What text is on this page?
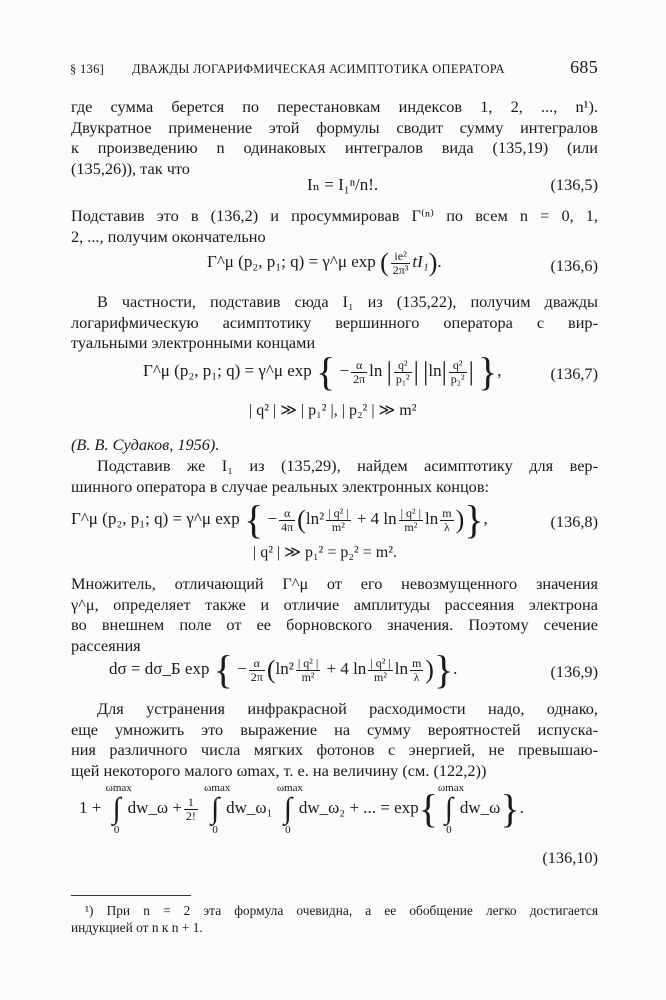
§ 136] ДВАЖДЫ ЛОГАРИФМИЧЕСКАЯ АСИМПТОТИКА ОПЕРАТОРА	685
где сумма берется по перестановкам индексов 1, 2, ..., n¹).
Двукратное применение этой формулы сводит сумму интегралов
к произведению n одинаковых интегралов вида (135,19) (или
(135,26)), так что
Iₙ = I₁ⁿ/n!.	(136,5)
Подставив это в (136,2) и просуммировав Γ⁽ⁿ⁾ по всем n = 0, 1,
2, ..., получим окончательно
Γ^μ (p₂, p₁; q) = γ^μ exp ( $\frac{\text{ie²}}{\text{2π³}} tI_1$).	(136,6)
В частности, подставив сюда I₁ из (135,22), получим дважды
логарифмическую асимптотику вершинного оператора с вир-
туальными электронными концами
Γ^μ (p₂, p₁; q) = γ^μ exp { − $\frac{\alpha}{2\pi}$ ln | $\frac{\text{q²}}{\text{p₁²}}$ | $|\ln| \frac{\text{q²}}{\text{p₂²}}$ | },	(136,7)
| q² | ≫ | p₁² |, | p₂² | ≫ m²
(В. В. Судаков, 1956).
Подставив же I₁ из (135,29), найдем асимптотику для вер-
шинного оператора в случае реальных электронных концов:
Γ^μ (p₂, p₁; q) = γ^μ exp { − $\frac{\alpha}{4\pi} (\ln^2 \frac{\text{| q² |}}{\text{m²}} + 4$ $\ln \frac{\text{| q² |}}{\text{m²}}$ $\ln \frac{m}{\lambda}$ )},	(136,8)
| q² | ≫ p₁² = p₂² = m².
Множитель, отличающий Γ^μ от его невозмущенного значения
γ^μ, определяет также и отличие амплитуды рассеяния электрона
во внешнем поле от ее борновского значения. Поэтому сечение
рассеяния
dσ = dσ_Б exp { − $\frac{\alpha}{2\pi} (\ln^2 \frac{\text{| q² |}}{\text{m²}} + 4$ $\ln \frac{\text{| q² |}}{\text{m²}}$ $\ln \frac{m}{\lambda}$ )}.	(136,9)
Для устранения инфракрасной расходимости надо, однако,
еще умножить это выражение на сумму вероятностей испуска-
ния различного числа мягких фотонов с энергией, не превышаю-
щей некоторого малого ωmax, т. е. на величину (см. (122,2))
1 + ωmax
∫
0dw_ω + $\frac{1}{2!}$
ωmax
∫
0dw_ω₁ ωmax
∫
0dw_ω₂ + ... = exp{ωmax
∫
0dw_ω}.
(136,10)
¹) При n = 2 эта формула очевидна, а ее обобщение легко достигается
индукцией от n к n + 1.
